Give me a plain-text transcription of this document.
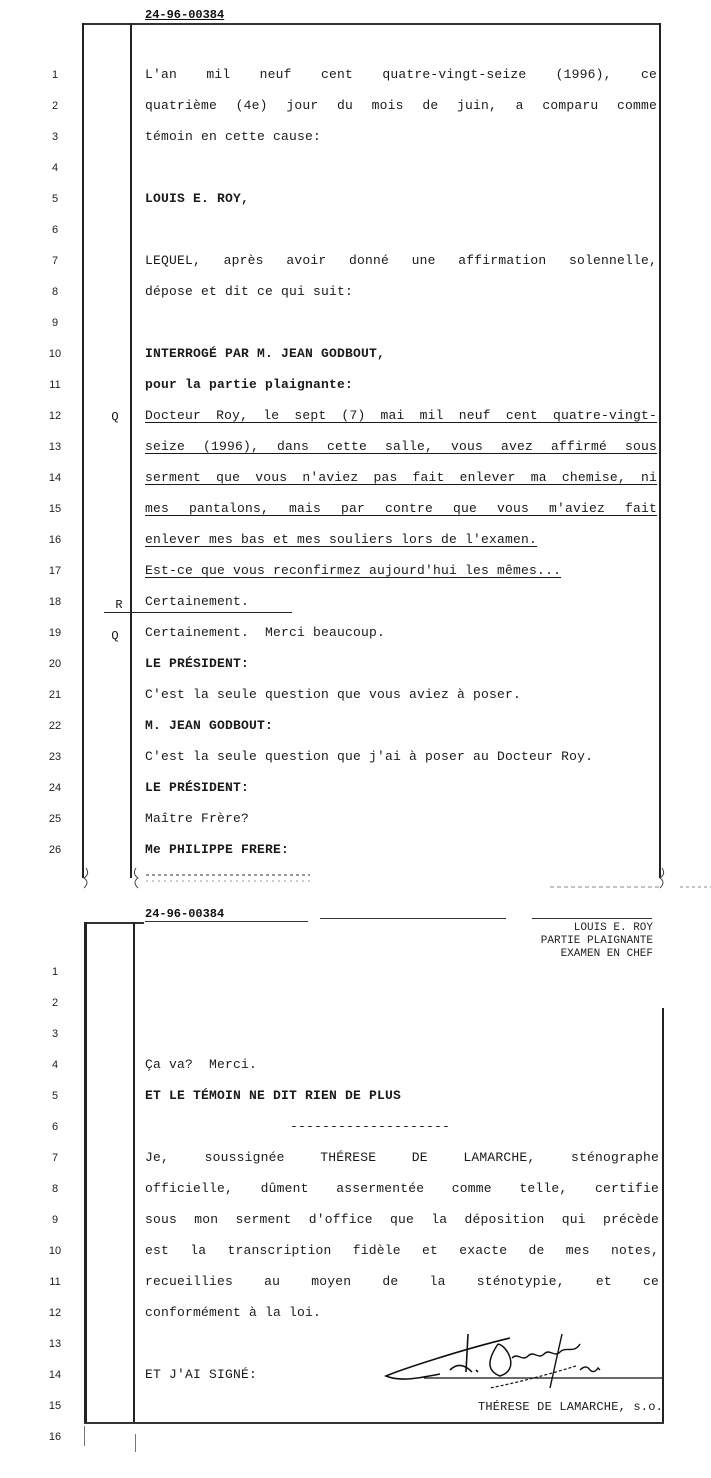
24-96-00384
1
2
3
4
5
6
7
8
9
10
11
12
13
14
15
16
17
18
19
20
21
22
23
24
25
26
L'an mil neuf cent quatre-vingt-seize (1996), ce
quatrième (4e) jour du mois de juin, a comparu comme
témoin en cette cause:
LOUIS E. ROY,
LEQUEL, après avoir donné une affirmation solennelle,
dépose et dit ce qui suit:
INTERROGÉ PAR M. JEAN GODBOUT,
pour la partie plaignante:
Q Docteur Roy, le sept (7) mai mil neuf cent quatre-vingt-
seize (1996), dans cette salle, vous avez affirmé sous
serment que vous n'aviez pas fait enlever ma chemise, ni
mes pantalons, mais par contre que vous m'aviez fait
enlever mes bas et mes souliers lors de l'examen.
Est-ce que vous reconfirmez aujourd'hui les mêmes...
R Certainement.
Q Certainement.  Merci beaucoup.
LE PRÉSIDENT:
C'est la seule question que vous aviez à poser.
M. JEAN GODBOUT:
C'est la seule question que j'ai à poser au Docteur Roy.
LE PRÉSIDENT:
Maître Frère?
Me PHILIPPE FRERE:
24-96-00384
LOUIS E. ROY
PARTIE PLAIGNANTE
EXAMEN EN CHEF
1
2
3
4
5
6
7
8
9
10
11
12
13
14
15
16
Ça va?  Merci.
ET LE TÉMOIN NE DIT RIEN DE PLUS
--------------------
Je, soussignée THÉRESE DE LAMARCHE, sténographe
officielle, dûment assermentée comme telle, certifie
sous mon serment d'office que la déposition qui précède
est la transcription fidèle et exacte de mes notes,
recueillies au moyen de la sténotypie, et ce
conformément à la loi.
ET J'AI SIGNÉ:
THÉRESE DE LAMARCHE, s.o.
